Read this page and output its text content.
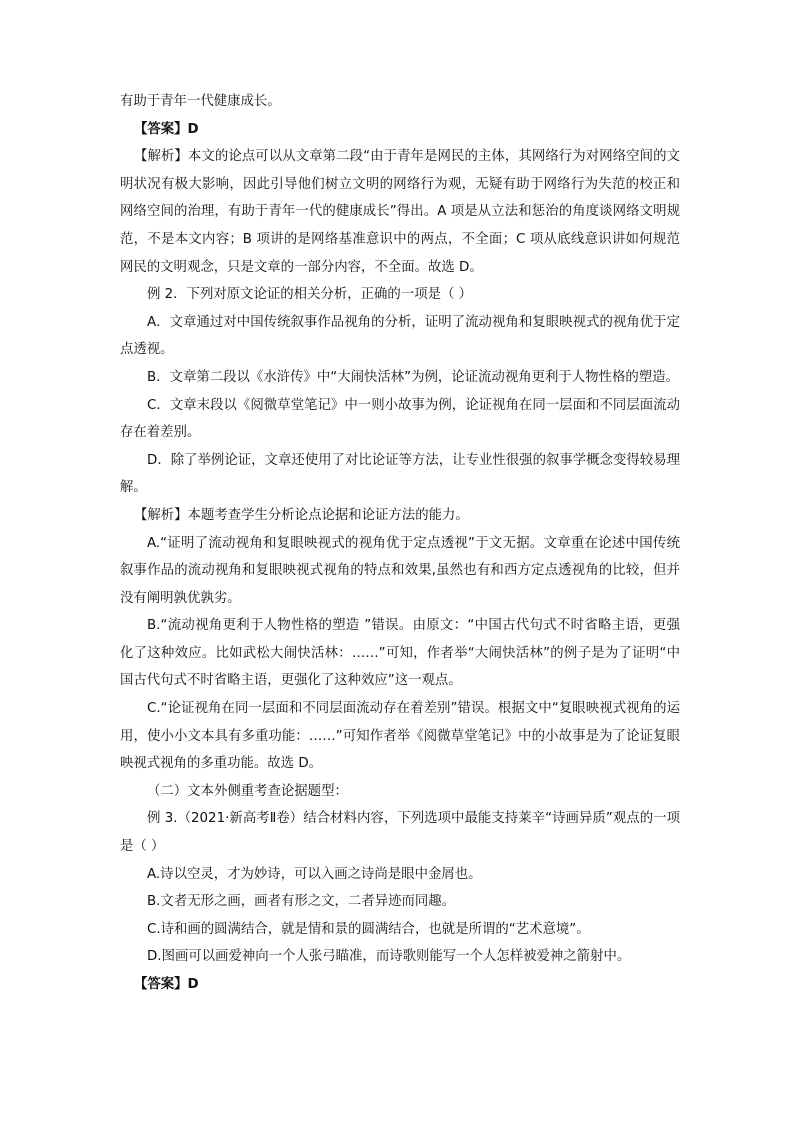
有助于青年一代健康成长。

【答案】D

【解析】本文的论点可以从文章第二段“由于青年是网民的主体，其网络行为对网络空间的文明状况有极大影响，因此引导他们树立文明的网络行为观，无疑有助于网络行为失范的校正和网络空间的治理，有助于青年一代的健康成长”得出。A 项是从立法和惩治的角度谈网络文明规范，不是本文内容；B 项讲的是网络基准意识中的两点，不全面；C 项从底线意识讲如何规范网民的文明观念，只是文章的一部分内容，不全面。故选 D。

例 2．下列对原文论证的相关分析，正确的一项是（ ）

A．文章通过对中国传统叙事作品视角的分析，证明了流动视角和复眼映视式的视角优于定点透视。

B．文章第二段以《水浒传》中“大闹快活林”为例，论证流动视角更利于人物性格的塑造。

C．文章末段以《阅微草堂笔记》中一则小故事为例，论证视角在同一层面和不同层面流动存在着差别。

D．除了举例论证，文章还使用了对比论证等方法，让专业性很强的叙事学概念变得较易理解。

【解析】本题考查学生分析论点论据和论证方法的能力。

A.“证明了流动视角和复眼映视式的视角优于定点透视”于文无据。文章重在论述中国传统叙事作品的流动视角和复眼映视式视角的特点和效果,虽然也有和西方定点透视角的比较，但并没有阐明孰优孰劣。

B.“流动视角更利于人物性格的塑造 ”错误。由原文：“中国古代句式不时省略主语，更强化了这种效应。比如武松大闹快活林：……”可知，作者举“大闹快活林”的例子是为了证明“中国古代句式不时省略主语，更强化了这种效应”这一观点。

C.“论证视角在同一层面和不同层面流动存在着差别”错误。根据文中“复眼映视式视角的运用，使小小文本具有多重功能：……”可知作者举《阅微草堂笔记》中的小故事是为了论证复眼映视式视角的多重功能。故选 D。

（二）文本外侧重考查论据题型：

例 3.（2021·新高考Ⅱ卷）结合材料内容，下列选项中最能支持莱辛“诗画异质”观点的一项是（ ）

A.诗以空灵，才为妙诗，可以入画之诗尚是眼中金屑也。

B.文者无形之画，画者有形之文，二者异迹而同趣。

C.诗和画的圆满结合，就是情和景的圆满结合，也就是所谓的“艺术意境”。

D.图画可以画爱神向一个人张弓瞄准，而诗歌则能写一个人怎样被爱神之箭射中。

【答案】D
